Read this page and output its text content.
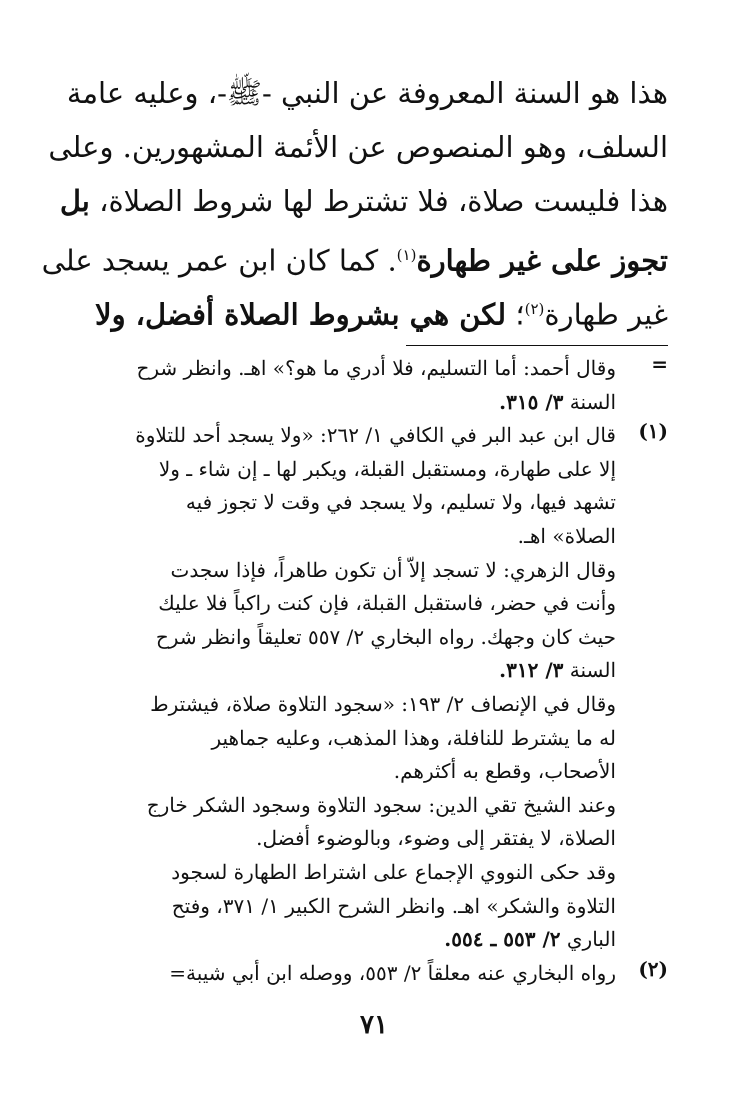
هذا هو السنة المعروفة عن النبي -ﷺ-، وعليه عامة
السلف، وهو المنصوص عن الأئمة المشهورين. وعلى
هذا فليست صلاة، فلا تشترط لها شروط الصلاة، بل
تجوز على غير طهارة$^{(١)}$. كما كان ابن عمر يسجد على
غير طهارة$^{(٢)}$؛ لكن هي بشروط الصلاة أفضل، ولا
=
وقال أحمد: أما التسليم، فلا أدري ما هو؟» اهـ. وانظر شرح
السنة ٣/ ٣١٥.
(١)
قال ابن عبد البر في الكافي ١/ ٢٦٢: «ولا يسجد أحد للتلاوة
إلا على طهارة، ومستقبل القبلة، ويكبر لها ـ إن شاء ـ ولا
تشهد فيها، ولا تسليم، ولا يسجد في وقت لا تجوز فيه
الصلاة» اهـ.
وقال الزهري: لا تسجد إلاّ أن تكون طاهراً، فإذا سجدت
وأنت في حضر، فاستقبل القبلة، فإن كنت راكباً فلا عليك
حيث كان وجهك. رواه البخاري ٢/ ٥٥٧ تعليقاً وانظر شرح
السنة ٣/ ٣١٢.
وقال في الإنصاف ٢/ ١٩٣: «سجود التلاوة صلاة، فيشترط
له ما يشترط للنافلة، وهذا المذهب، وعليه جماهير
الأصحاب، وقطع به أكثرهم.
وعند الشيخ تقي الدين: سجود التلاوة وسجود الشكر خارج
الصلاة، لا يفتقر إلى وضوء، وبالوضوء أفضل.
وقد حكى النووي الإجماع على اشتراط الطهارة لسجود
التلاوة والشكر» اهـ. وانظر الشرح الكبير ١/ ٣٧١، وفتح
الباري ٢/ ٥٥٣ ـ ٥٥٤.
(٢)
رواه البخاري عنه معلقاً ٢/ ٥٥٣، ووصله ابن أبي شيبة=
٧١
